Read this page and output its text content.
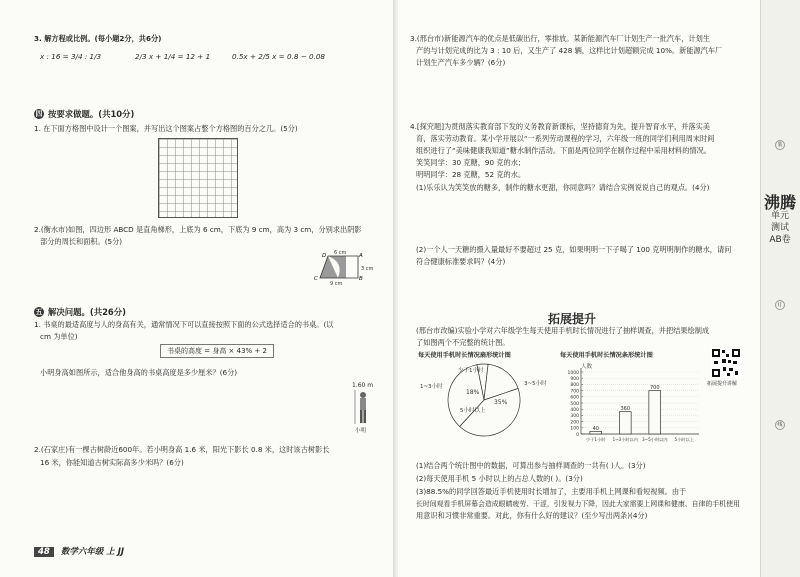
3. 解方程或比例。(每小题2分，共6分)
x : 16 = 3/4 : 1/3	2/3 x + 1/4 = 12 + 1	0.5x + 2/5 x = 0.8 − 0.08
四 按要求做题。(共10分)
1. 在下面方格图中设计一个图案，并写出这个图案占整个方格图的百分之几。(5分)
2.(衡水市)如图，四边形 ABCD 是直角梯形，上底为 6 cm，下底为 9 cm，高为 3 cm，分别求出阴影
部分的周长和面积。(5分)
6 cm
3 cm
9 cm
A
B
C
D
五 解决问题。(共26分)
1. 书桌的最适高度与人的身高有关，通常情况下可以直接按照下面的公式选择适合的书桌。(以
cm 为单位)
书桌的高度 = 身高 × 43% + 2
小明身高如图所示，适合他身高的书桌高度是多少厘米？(6分)
1.60 m
小明
2.(石家庄)有一棵古树龄近600年。若小明身高 1.6 米，阳光下影长 0.8 米，这时该古树影长
16 米，你能知道古树实际高多少米吗？(6分)
48 数学六年级 上 JJ
3.(邢台市)新能源汽车的优点是低碳出行，零排放。某新能源汽车厂计划生产一批汽车，计划生
产的与计划完成的比为 3 : 10 后，又生产了 428 辆，这样比计划超额完成 10%。新能源汽车厂
计划生产汽车多少辆？(6分)
4.[探究题]为贯彻落实教育部下发的义务教育新课标，坚持德育为先，提升智育水平，并落实美
育，落实劳动教育。某小学开展以“一系列劳动课程的学习，六年级一班的同学们利用周末时间
组织进行了“美味健康我知道”糖水制作活动。下面是两位同学在制作过程中采用材料的情况。
笑笑同学：30 克糖，90 克的水；
明明同学：28 克糖，52 克的水。
(1)乐乐认为笑笑放的糖多，制作的糖水更甜，你同意吗？请结合实例说说自己的观点。(4分)
(2)一个人一天糖的摄入量最好不要超过 25 克，如果明明一下子喝了 100 克明明制作的糖水，请问
符合健康标准要求吗？(4分)
拓展提升
(邢台市改编)实验小学对六年级学生每天使用手机时长情况进行了抽样调查，并把结果绘制成
了如图两个不完整的统计图。
每天使用手机时长情况扇形统计图	每天使用手机时长情况条形统计图
少于1小时
1~3小时	3~5小时
5小时以上
18%
35%
人数
0
100
200
300
400
500
600
700
800
900
1000
40
360
700
少于1小时 1~3小时以内 3~5小时以内 5小时以上
拓展提升讲解
(1)结合两个统计图中的数据，可算出参与抽样调查的一共有( )人。(3分)
(2)每天使用手机 5 小时以上的占总人数的( )。(3分)
(3)88.5%的同学回答最近手机使用时长增加了，主要用手机上网课和看短视频。由于
长时间观看手机屏幕会造成眼睛疲劳、干涩，引发视力下降，因此大家需要上网课和健康、自律的手机使用
用意识和习惯非常重要。对此，你有什么好的建议？(至少写出两条)(4分)
装
沸腾
单元测试AB卷
订
线
